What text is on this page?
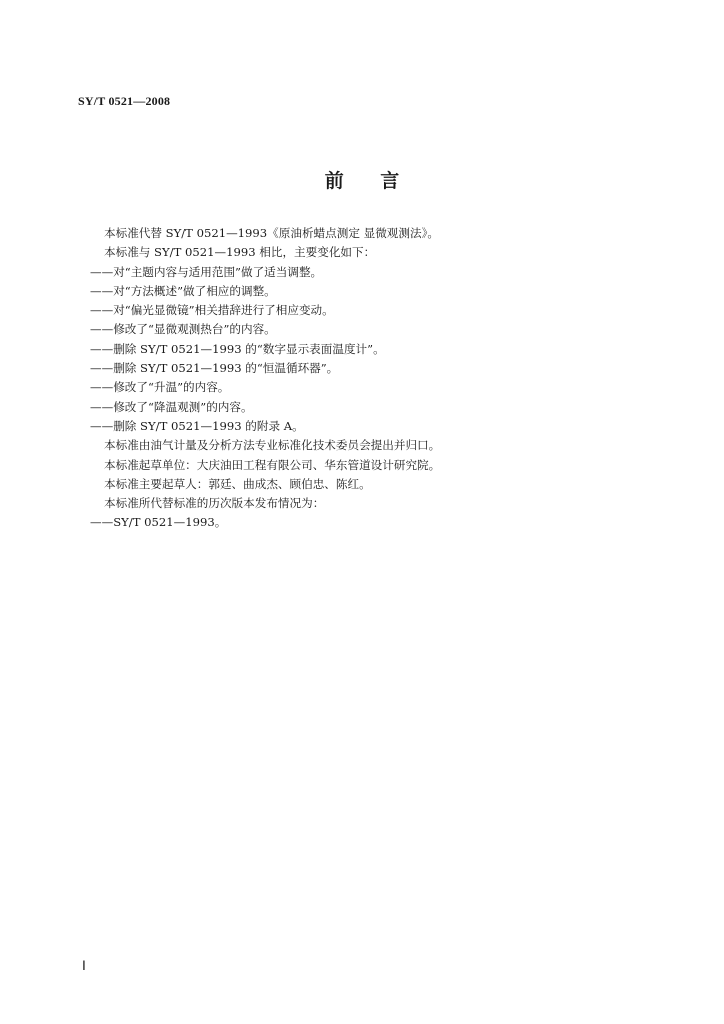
SY/T 0521—2008
前 言
本标准代替 SY/T 0521—1993《原油析蜡点测定 显微观测法》。
本标准与 SY/T 0521—1993 相比，主要变化如下：
——对“主题内容与适用范围”做了适当调整。
——对“方法概述”做了相应的调整。
——对“偏光显微镜”相关措辞进行了相应变动。
——修改了“显微观测热台”的内容。
——删除 SY/T 0521—1993 的“数字显示表面温度计”。
——删除 SY/T 0521—1993 的“恒温循环器”。
——修改了“升温”的内容。
——修改了“降温观测”的内容。
——删除 SY/T 0521—1993 的附录 A。
本标准由油气计量及分析方法专业标准化技术委员会提出并归口。
本标准起草单位：大庆油田工程有限公司、华东管道设计研究院。
本标准主要起草人：郭廷、曲成杰、顾伯忠、陈红。
本标准所代替标准的历次版本发布情况为：
——SY/T 0521—1993。
Ⅰ
